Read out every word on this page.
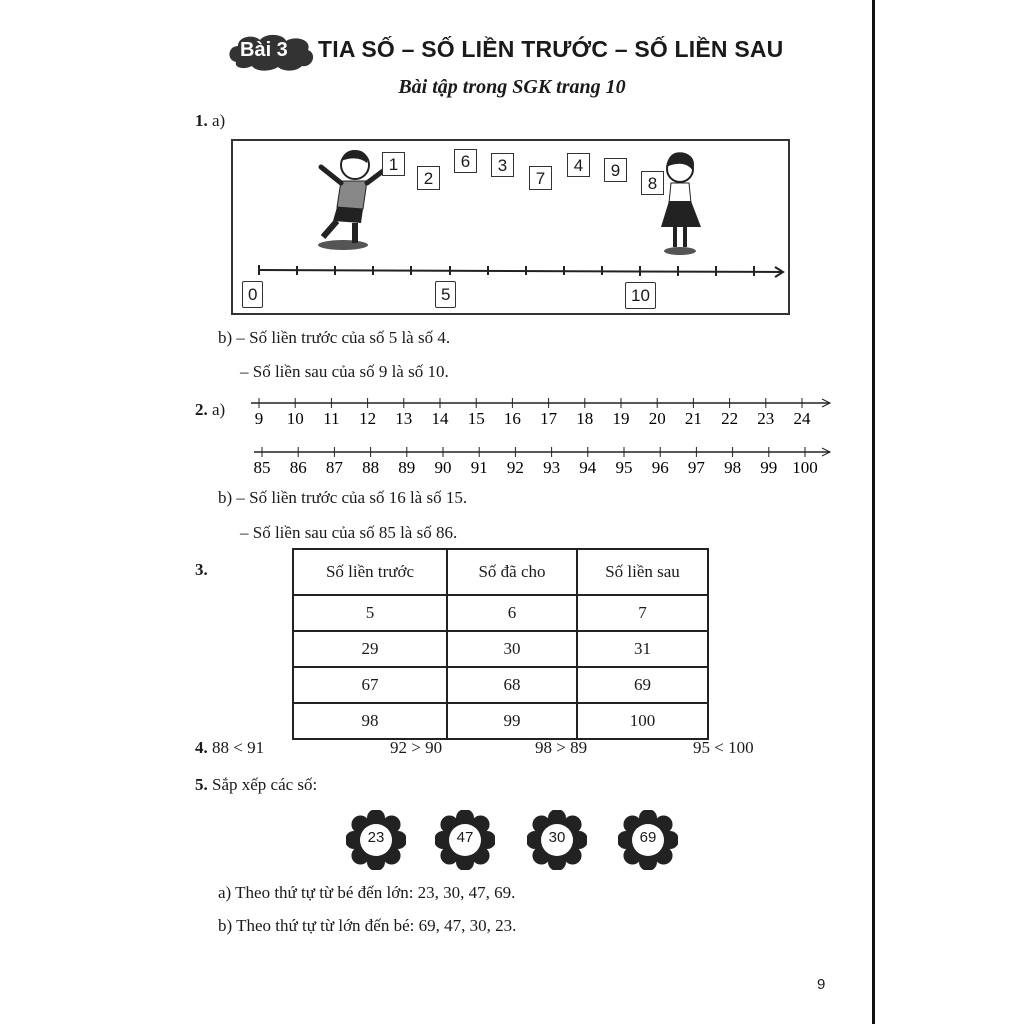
Bài 3 TIA SỐ – SỐ LIỀN TRƯỚC – SỐ LIỀN SAU
Bài tập trong SGK trang 10
1. a)
1
2
6	3
7
4	9
8
0	5	10
b) – Số liền trước của số 5 là số 4.
– Số liền sau của số 9 là số 10.
2. a) 9 10 11 12 13 14 15 16 17 18 19 20 21 22 23 24
85 86 87 88 89 90 91 92 93 94 95 96 97 98 99 100
b) – Số liền trước của số 16 là số 15.
– Số liền sau của số 85 là số 86.
3.	Số liền trước	Số đã cho	Số liền sau
5	6	7
29	30	31
67	68	69
98	99	100
4. 88 < 91	92 > 90	98 > 89	95 < 100
5. Sắp xếp các số:
23	47	30	69
a) Theo thứ tự từ bé đến lớn: 23, 30, 47, 69.
b) Theo thứ tự từ lớn đến bé: 69, 47, 30, 23.
9
